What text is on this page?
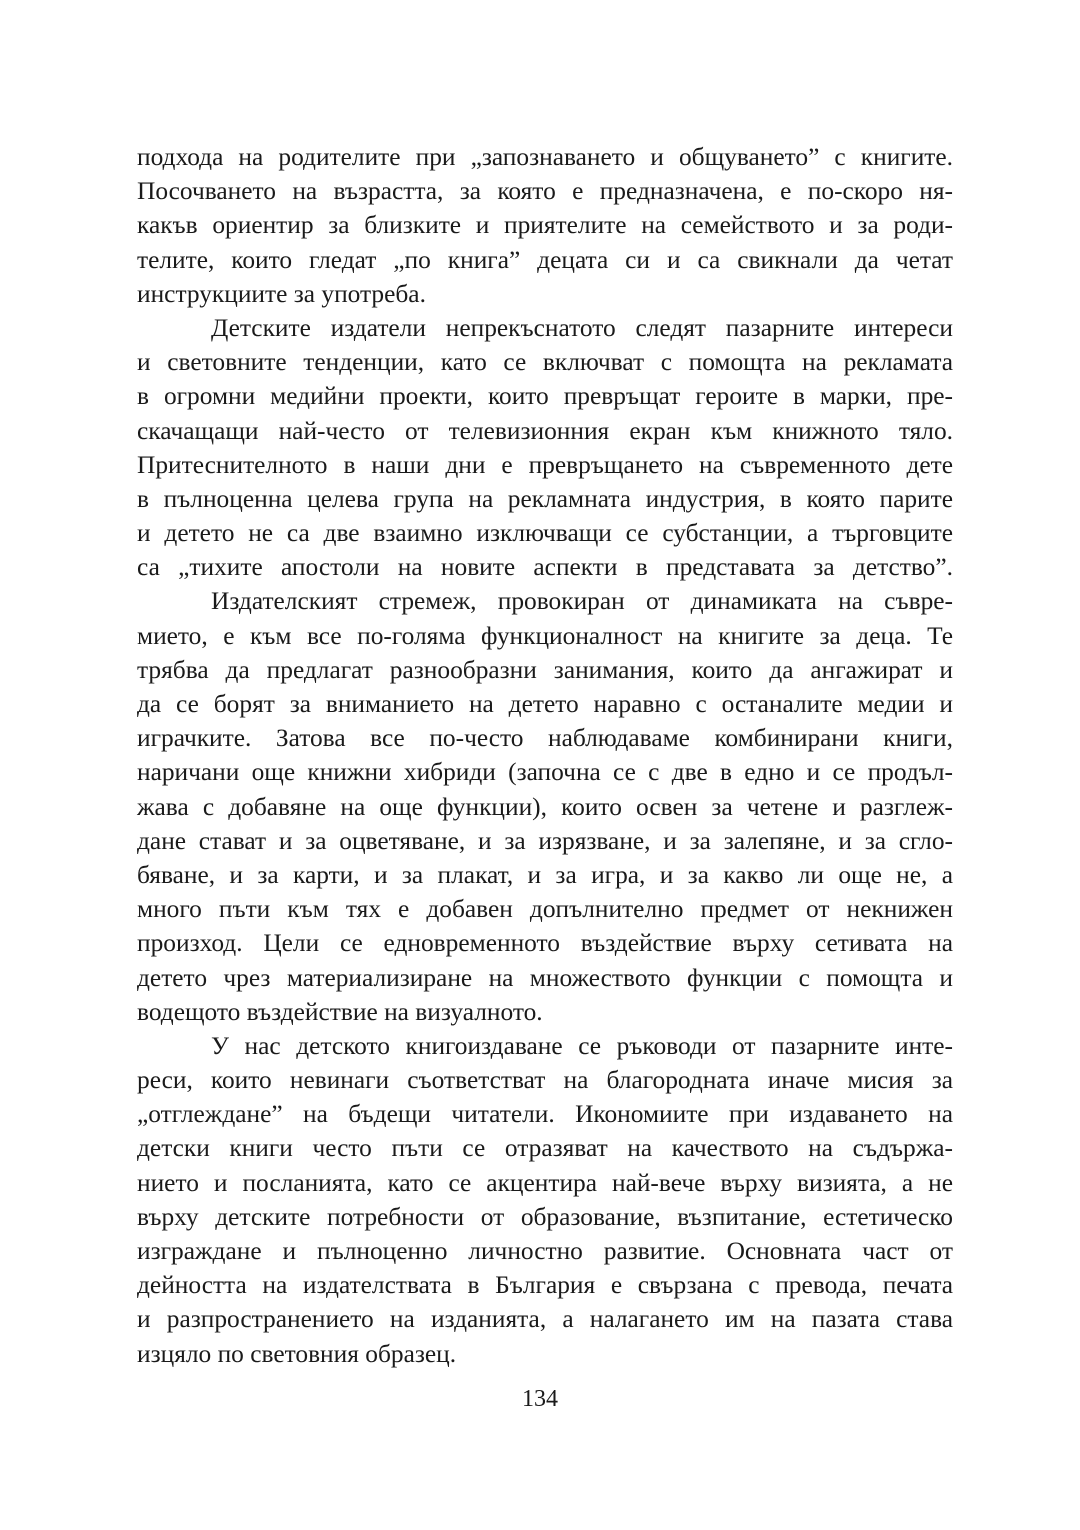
подхода на родителите при „запознаването и общуването” с книгите.
Посочването на възрастта, за която е предназначена, е по-скоро ня-
какъв ориентир за близките и приятелите на семейството и за роди-
телите, които гледат „по книга” децата си и са свикнали да четат
инструкциите за употреба.
Детските издатели непрекъснатото следят пазарните интереси
и световните тенденции, като се включват с помощта на рекламата
в огромни медийни проекти, които превръщат героите в марки, пре-
скачащащи най-често от телевизионния екран към книжното тяло.
Притеснителното в наши дни е превръщането на съвременното дете
в пълноценна целева група на рекламната индустрия, в която парите
и детето не са две взаимно изключващи се субстанции, а търговците
са „тихите апостоли на новите аспекти в представата за детство”.
Издателският стремеж, провокиран от динамиката на съвре-
мието, е към все по-голяма функционалност на книгите за деца. Те
трябва да предлагат разнообразни занимания, които да ангажират и
да се борят за вниманието на детето наравно с останалите медии и
играчките. Затова все по-често наблюдаваме комбинирани книги,
наричани още книжни хибриди (започна се с две в едно и се продъл-
жава с добавяне на още функции), които освен за четене и разглеж-
дане стават и за оцветяване, и за изрязване, и за залепяне, и за сгло-
бяване, и за карти, и за плакат, и за игра, и за какво ли още не, а
много пъти към тях е добавен допълнително предмет от некнижен
произход. Цели се едновременното въздействие върху сетивата на
детето чрез материализиране на множеството функции с помощта и
водещото въздействие на визуалното.
У нас детското книгоиздаване се ръководи от пазарните инте-
реси, които невинаги съответстват на благородната иначе мисия за
„отглеждане” на бъдещи читатели. Икономиите при издаването на
детски книги често пъти се отразяват на качеството на съдържа-
нието и посланията, като се акцентира най-вече върху визията, а не
върху детските потребности от образование, възпитание, естетическо
изграждане и пълноценно личностно развитие. Основната част от
дейността на издателствата в България е свързана с превода, печата
и разпространението на изданията, а налагането им на пазата става
изцяло по световния образец.
134
